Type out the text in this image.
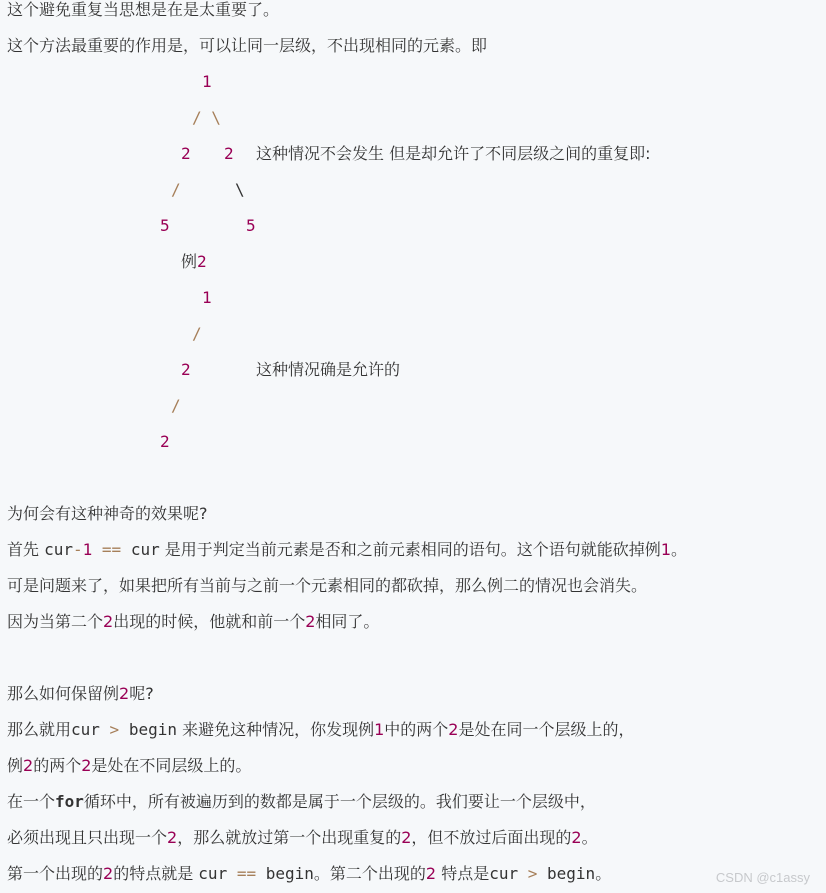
这个避免重复当思想是在是太重要了。
这个方法最重要的作用是，可以让同一层级，不出现相同的元素。即
1
/ \
2 2 这种情况不会发生 但是却允许了不同层级之间的重复即:
/	\
5	5
例2
1
/
2	这种情况确是允许的
/
2
为何会有这种神奇的效果呢?
首先 cur-1 == cur 是用于判定当前元素是否和之前元素相同的语句。这个语句就能砍掉例1。
可是问题来了，如果把所有当前与之前一个元素相同的都砍掉，那么例二的情况也会消失。
因为当第二个2出现的时候，他就和前一个2相同了。
那么如何保留例2呢?
那么就用cur > begin 来避免这种情况，你发现例1中的两个2是处在同一个层级上的，
例2的两个2是处在不同层级上的。
在一个for循环中，所有被遍历到的数都是属于一个层级的。我们要让一个层级中，
必须出现且只出现一个2，那么就放过第一个出现重复的2，但不放过后面出现的2。
第一个出现的2的特点就是 cur == begin。第二个出现的2 特点是cur > begin。	CSDN @c1assy
